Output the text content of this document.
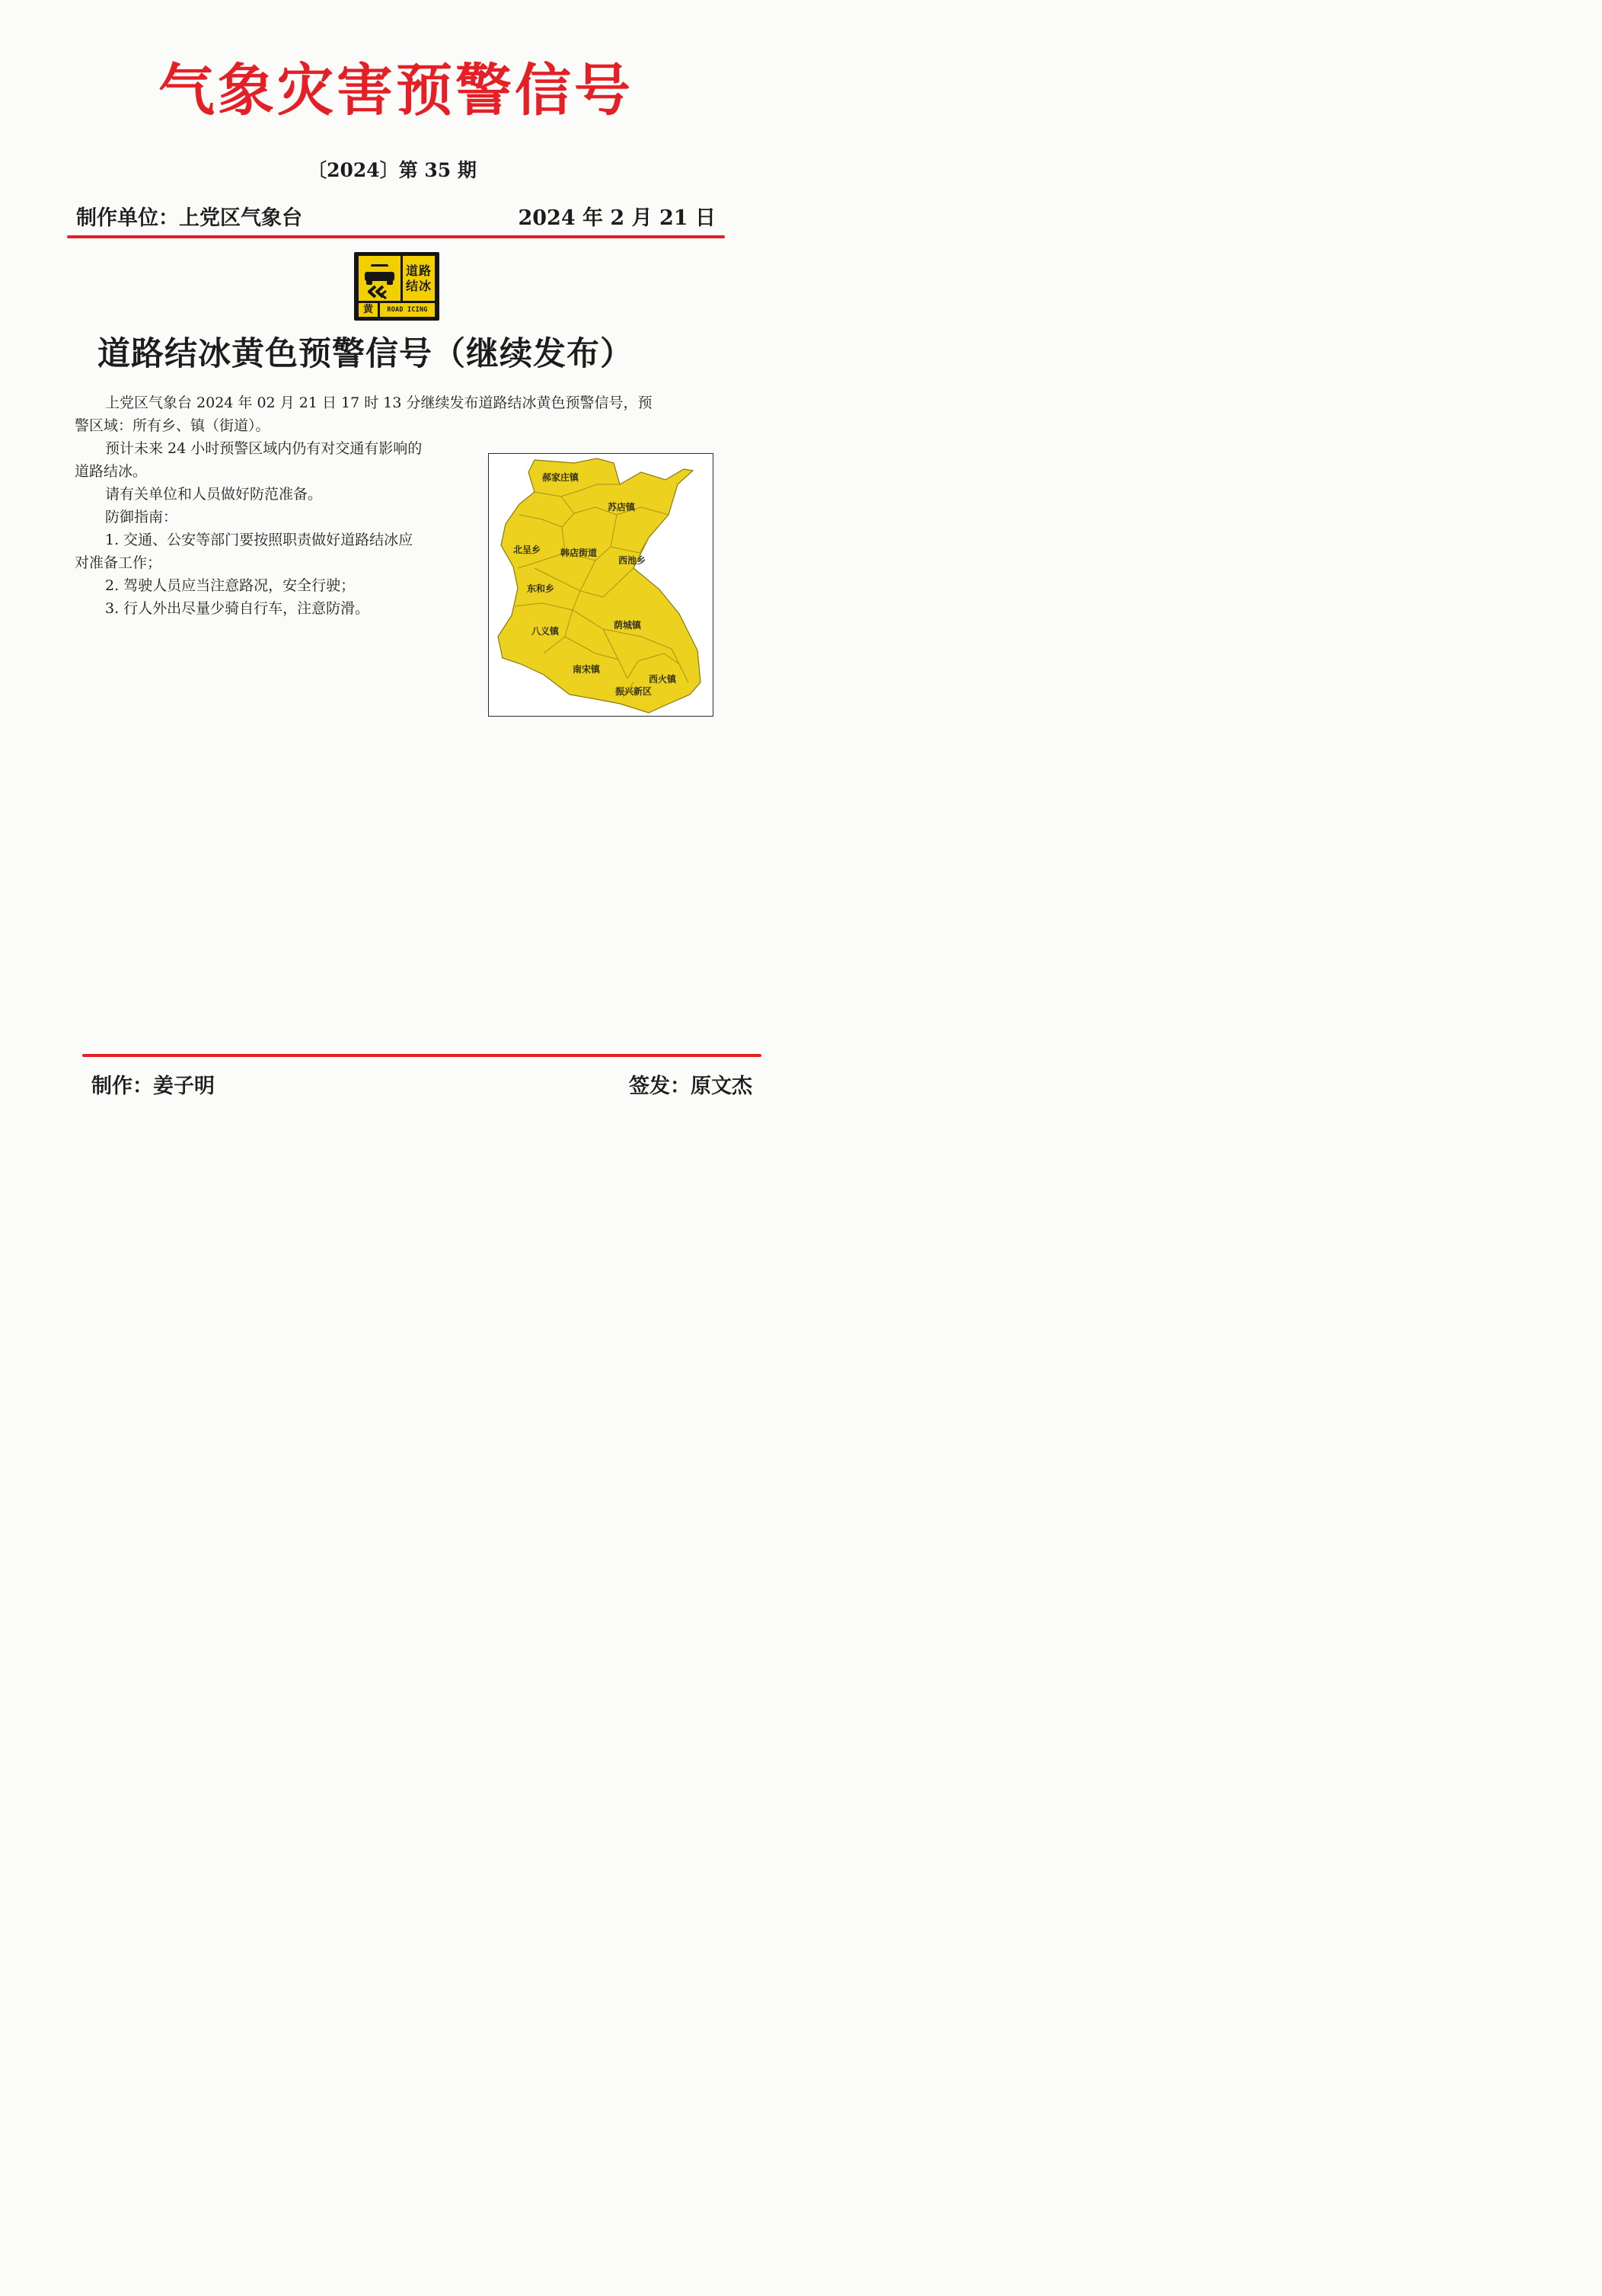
气象灾害预警信号
〔2024〕第 35 期
制作单位：上党区气象台	2024 年 2 月 21 日
道路
结冰
黄	ROAD ICING
道路结冰黄色预警信号（继续发布）
上党区气象台 2024 年 02 月 21 日 17 时 13 分继续发布道路结冰黄色预警信号，预
警区域：所有乡、镇（街道）。
预计未来 24 小时预警区域内仍有对交通有影响的
道路结冰。
请有关单位和人员做好防范准备。
防御指南：
1. 交通、公安等部门要按照职责做好道路结冰应
对准备工作；
2. 驾驶人员应当注意路况，安全行驶；
3. 行人外出尽量少骑自行车，注意防滑。
郝家庄镇
苏店镇
北呈乡 韩店街道
西池乡
东和乡
八义镇
荫城镇
南宋镇
西火镇
振兴新区
制作：姜子明	签发：原文杰
